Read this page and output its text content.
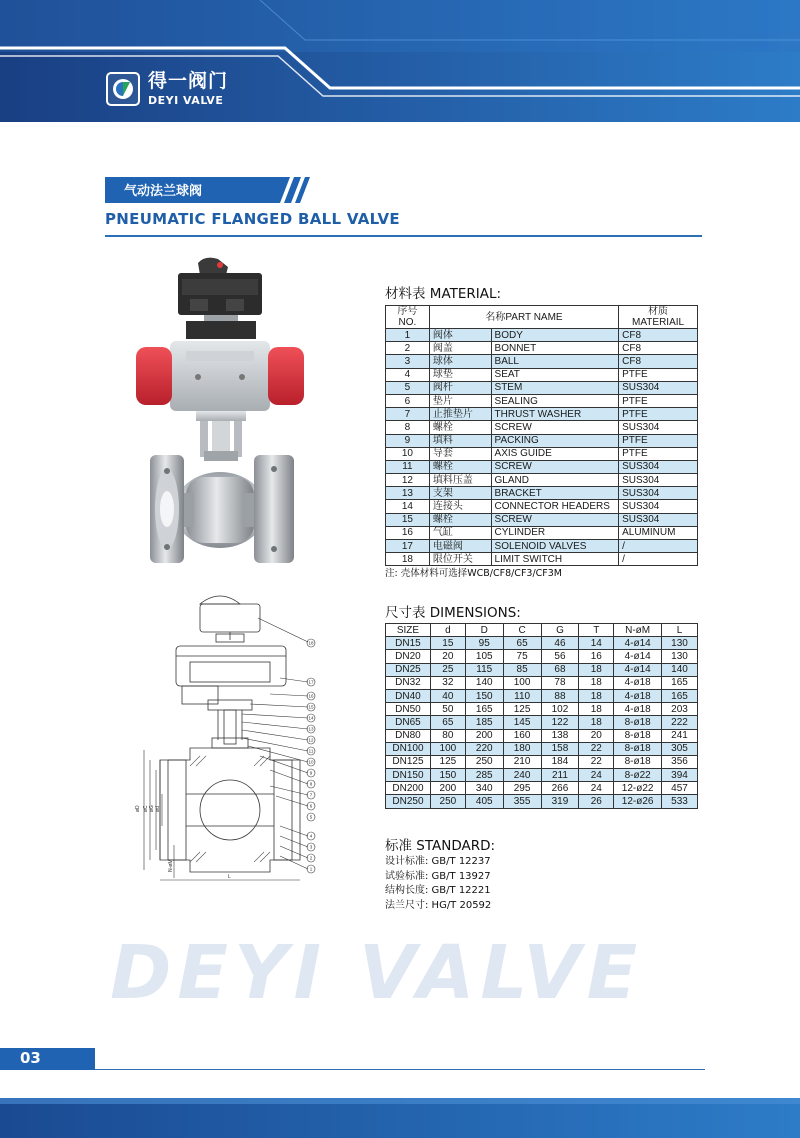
得一阀门
DEYI VALVE
气动法兰球阀
PNEUMATIC FLANGED BALL VALVE
18
17
16
15
14
13
12
11
10
9
8
7
6
4
3
2
1
5
øD øC øG ød
N-øM
L
材料表 MATERIAL:
序号NO.	名称PART NAME		材质MATERIAIL
1	阀体	BODY	CF8
2	阀盖	BONNET	CF8
3	球体	BALL	CF8
4	球垫	SEAT	PTFE
5	阀杆	STEM	SUS304
6	垫片	SEALING	PTFE
7	止推垫片	THRUST WASHER	PTFE
8	螺栓	SCREW	SUS304
9	填料	PACKING	PTFE
10	导套	AXIS GUIDE	PTFE
11	螺栓	SCREW	SUS304
12	填料压盖	GLAND	SUS304
13	支架	BRACKET	SUS304
14	连接头	CONNECTOR HEADERS	SUS304
15	螺栓	SCREW	SUS304
16	气缸	CYLINDER	ALUMINUM
17	电磁阀	SOLENOID VALVES	/
18	限位开关	LIMIT SWITCH	/
注: 壳体材料可选择WCB/CF8/CF3/CF3M
尺寸表 DIMENSIONS:
SIZE	d	D	C	G	T	N-øM	L
DN15	15	95	65	46	14	4-ø14	130
DN20	20	105	75	56	16	4-ø14	130
DN25	25	115	85	68	18	4-ø14	140
DN32	32	140	100	78	18	4-ø18	165
DN40	40	150	110	88	18	4-ø18	165
DN50	50	165	125	102	18	4-ø18	203
DN65	65	185	145	122	18	8-ø18	222
DN80	80	200	160	138	20	8-ø18	241
DN100	100	220	180	158	22	8-ø18	305
DN125	125	250	210	184	22	8-ø18	356
DN150	150	285	240	211	24	8-ø22	394
DN200	200	340	295	266	24	12-ø22	457
DN250	250	405	355	319	26	12-ø26	533
标准 STANDARD:
设计标准: GB/T 12237
试验标准: GB/T 13927
结构长度: GB/T 12221
法兰尺寸: HG/T 20592
DEYI VALVE
03
